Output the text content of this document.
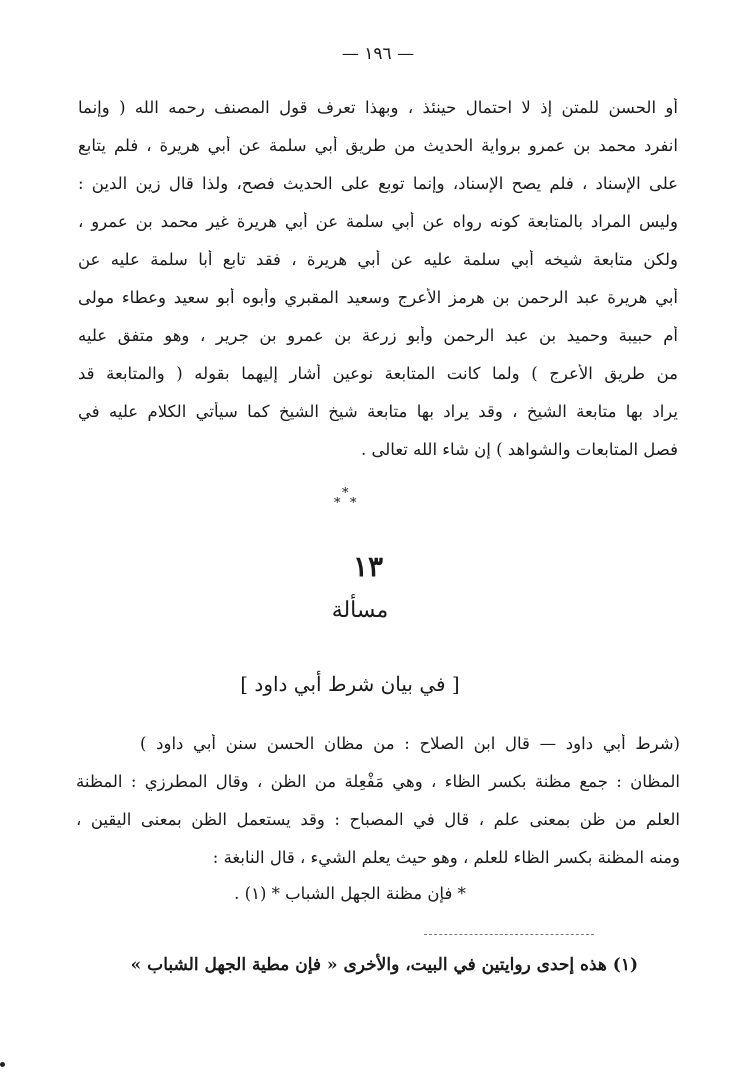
— ١٩٦ —
أو الحسن للمتن إذ لا احتمال حينئذ ، وبهذا تعرف قول المصنف رحمه الله ( وإنما
انفرد محمد بن عمرو برواية الحديث من طريق أبي سلمة عن أبي هريرة ، فلم يتابع
على الإسناد ، فلم يصح الإسناد، وإنما توبع على الحديث فصح، ولذا قال زين الدين :
وليس المراد بالمتابعة كونه رواه عن أبي سلمة عن أبي هريرة غير محمد بن عمرو ،
ولكن متابعة شيخه أبي سلمة عليه عن أبي هريرة ، فقد تابع أبا سلمة عليه عن
أبي هريرة عبد الرحمن بن هرمز الأعرج وسعيد المقبري وأبوه أبو سعيد وعطاء مولى
أم حبيبة وحميد بن عبد الرحمن وأبو زرعة بن عمرو بن جرير ، وهو متفق عليه
من طريق الأعرج ) ولما كانت المتابعة نوعين أشار إليهما بقوله ( والمتابعة قد
يراد بها متابعة الشيخ ، وقد يراد بها متابعة شيخ الشيخ كما سيأتي الكلام عليه في
فصل المتابعات والشواهد ) إن شاء الله تعالى .
*
* *
١٣
مسألة
[ في بيان شرط أبي داود ]
(شرط أبي داود — قال ابن الصلاح : من مظان الحسن سنن أبي داود )
المظان : جمع مظنة بكسر الظاء ، وهي مَفْعِلة من الظن ، وقال المطرزي : المظنة
العلم من ظن بمعنى علم ، قال في المصباح : وقد يستعمل الظن بمعنى اليقين ،
ومنه المظنة بكسر الظاء للعلم ، وهو حيث يعلم الشيء ، قال النابغة :
* فإن مظنة الجهل الشباب * (١) .
(١) هذه إحدى روايتين في البيت، والأخرى « فإن مطية الجهل الشباب »
